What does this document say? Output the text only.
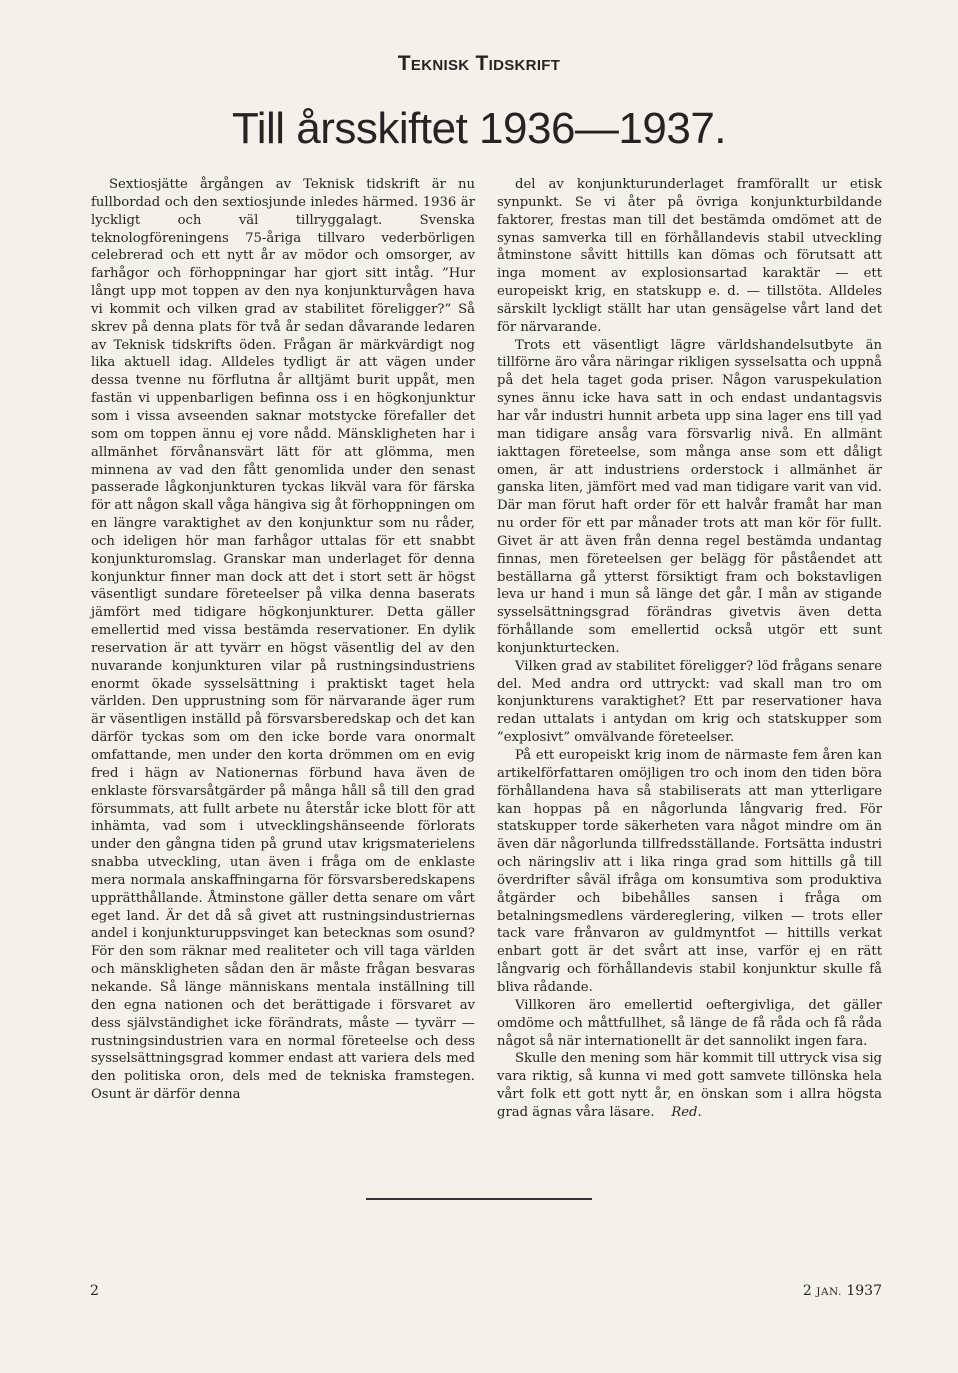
Teknisk Tidskrift
Till årsskiftet 1936—1937.

Sextiosjätte årgången av Teknisk tidskrift är nu fullbordad och den sextiosjunde inledes härmed. 1936 är lyckligt och väl tillryggalagt. Svenska teknologföreningens 75-åriga tillvaro vederbörligen celebrerad och ett nytt år av mödor och omsorger, av farhågor och förhoppningar har gjort sitt intåg. ”Hur långt upp mot toppen av den nya konjunkturvågen hava vi kommit och vilken grad av stabilitet föreligger?” Så skrev på denna plats för två år sedan dåvarande ledaren av Teknisk tidskrifts öden. Frågan är märkvärdigt nog lika aktuell idag. Alldeles tydligt är att vägen under dessa tvenne nu förflutna år alltjämt burit uppåt, men fastän vi uppenbarligen befinna oss i en högkonjunktur som i vissa avseenden saknar motstycke förefaller det som om toppen ännu ej vore nådd. Mänskligheten har i allmänhet förvånansvärt lätt för att glömma, men minnena av vad den fått genomlida under den senast passerade lågkonjunkturen tyckas likväl vara för färska för att någon skall våga hängiva sig åt förhoppningen om en längre varaktighet av den konjunktur som nu råder, och ideligen hör man farhågor uttalas för ett snabbt konjunkturomslag. Granskar man underlaget för denna konjunktur finner man dock att det i stort sett är högst väsentligt sundare företeelser på vilka denna baserats jämfört med tidigare högkonjunkturer. Detta gäller emellertid med vissa bestämda reservationer. En dylik reservation är att tyvärr en högst väsentlig del av den nuvarande konjunkturen vilar på rustningsindustriens enormt ökade sysselsättning i praktiskt taget hela världen. Den upprustning som för närvarande äger rum är väsentligen inställd på försvarsberedskap och det kan därför tyckas som om den icke borde vara onormalt omfattande, men under den korta drömmen om en evig fred i hägn av Nationernas förbund hava även de enklaste försvarsåtgärder på många håll så till den grad försummats, att fullt arbete nu återstår icke blott för att inhämta, vad som i utvecklingshänseende förlorats under den gångna tiden på grund utav krigsmaterielens snabba utveckling, utan även i fråga om de enklaste mera normala anskaffningarna för försvarsberedskapens upprätthållande. Åtminstone gäller detta senare om vårt eget land. Är det då så givet att rustningsindustriernas andel i konjunkturuppsvinget kan betecknas som osund? För den som räknar med realiteter och vill taga världen och mänskligheten sådan den är måste frågan besvaras nekande. Så länge människans mentala inställning till den egna nationen och det berättigade i försvaret av dess självständighet icke förändrats, måste — tyvärr — rustningsindustrien vara en normal företeelse och dess sysselsättningsgrad kommer endast att variera dels med den politiska oron, dels med de tekniska framstegen. Osunt är därför denna

del av konjunkturunderlaget framförallt ur etisk synpunkt. Se vi åter på övriga konjunkturbildande faktorer, frestas man till det bestämda omdömet att de synas samverka till en förhållandevis stabil utveckling åtminstone såvitt hittills kan dömas och förutsatt att inga moment av explosionsartad karaktär — ett europeiskt krig, en statskupp e. d. — tillstöta. Alldeles särskilt lyckligt ställt har utan gensägelse vårt land det för närvarande.

Trots ett väsentligt lägre världshandelsutbyte än tillförne äro våra näringar rikligen sysselsatta och uppnå på det hela taget goda priser. Någon varuspekulation synes ännu icke hava satt in och endast undantagsvis har vår industri hunnit arbeta upp sina lager ens till v̦ad man tidigare ansåg vara försvarlig nivå. En allmänt iakttagen företeelse, som många anse som ett dåligt omen, är att industriens orderstock i allmänhet är ganska liten, jämfört med vad man tidigare varit van vid. Där man förut haft order för ett halvår framåt har man nu order för ett par månader trots att man kör för fullt. Givet är att även från denna regel bestämda undantag finnas, men företeelsen ger belägg för påståendet att beställarna gå ytterst försiktigt fram och bokstavligen leva ur hand i mun så länge det går. I mån av stigande sysselsättningsgrad förändras givetvis även detta förhållande som emellertid också utgör ett sunt konjunkturtecken.

Vilken grad av stabilitet föreligger? löd frågans senare del. Med andra ord uttryckt: vad skall man tro om konjunkturens varaktighet? Ett par reservationer hava redan uttalats i antydan om krig och statskupper som ”explosivt” omvälvande företeelser.

På ett europeiskt krig inom de närmaste fem åren kan artikelförfattaren omöjligen tro och inom den tiden böra förhållandena hava så stabiliserats att man ytterligare kan hoppas på en någorlunda långvarig fred. För statskupper torde säkerheten vara något mindre om än även där någorlunda tillfredsställande. Fortsätta industri och näringsliv att i lika ringa grad som hittills gå till överdrifter såväl ifråga om konsumtiva som produktiva åtgärder och bibehålles sansen i fråga om betalningsmedlens värdereglering, vilken — trots eller tack vare frånvaron av guldmyntfot — hittills verkat enbart gott är det svårt att inse, varför ej en rätt långvarig och förhållandevis stabil konjunktur skulle få bliva rådande.

Villkoren äro emellertid oeftergivliga, det gäller omdöme och måttfullhet, så länge de få råda och få råda något så när internationellt är det sannolikt ingen fara.

Skulle den mening som här kommit till uttryck visa sig vara riktig, så kunna vi med gott samvete tillönska hela vårt folk ett gott nytt år, en önskan som i allra högsta grad ägnas våra läsare. Red.

2	2 JAN. 1937
